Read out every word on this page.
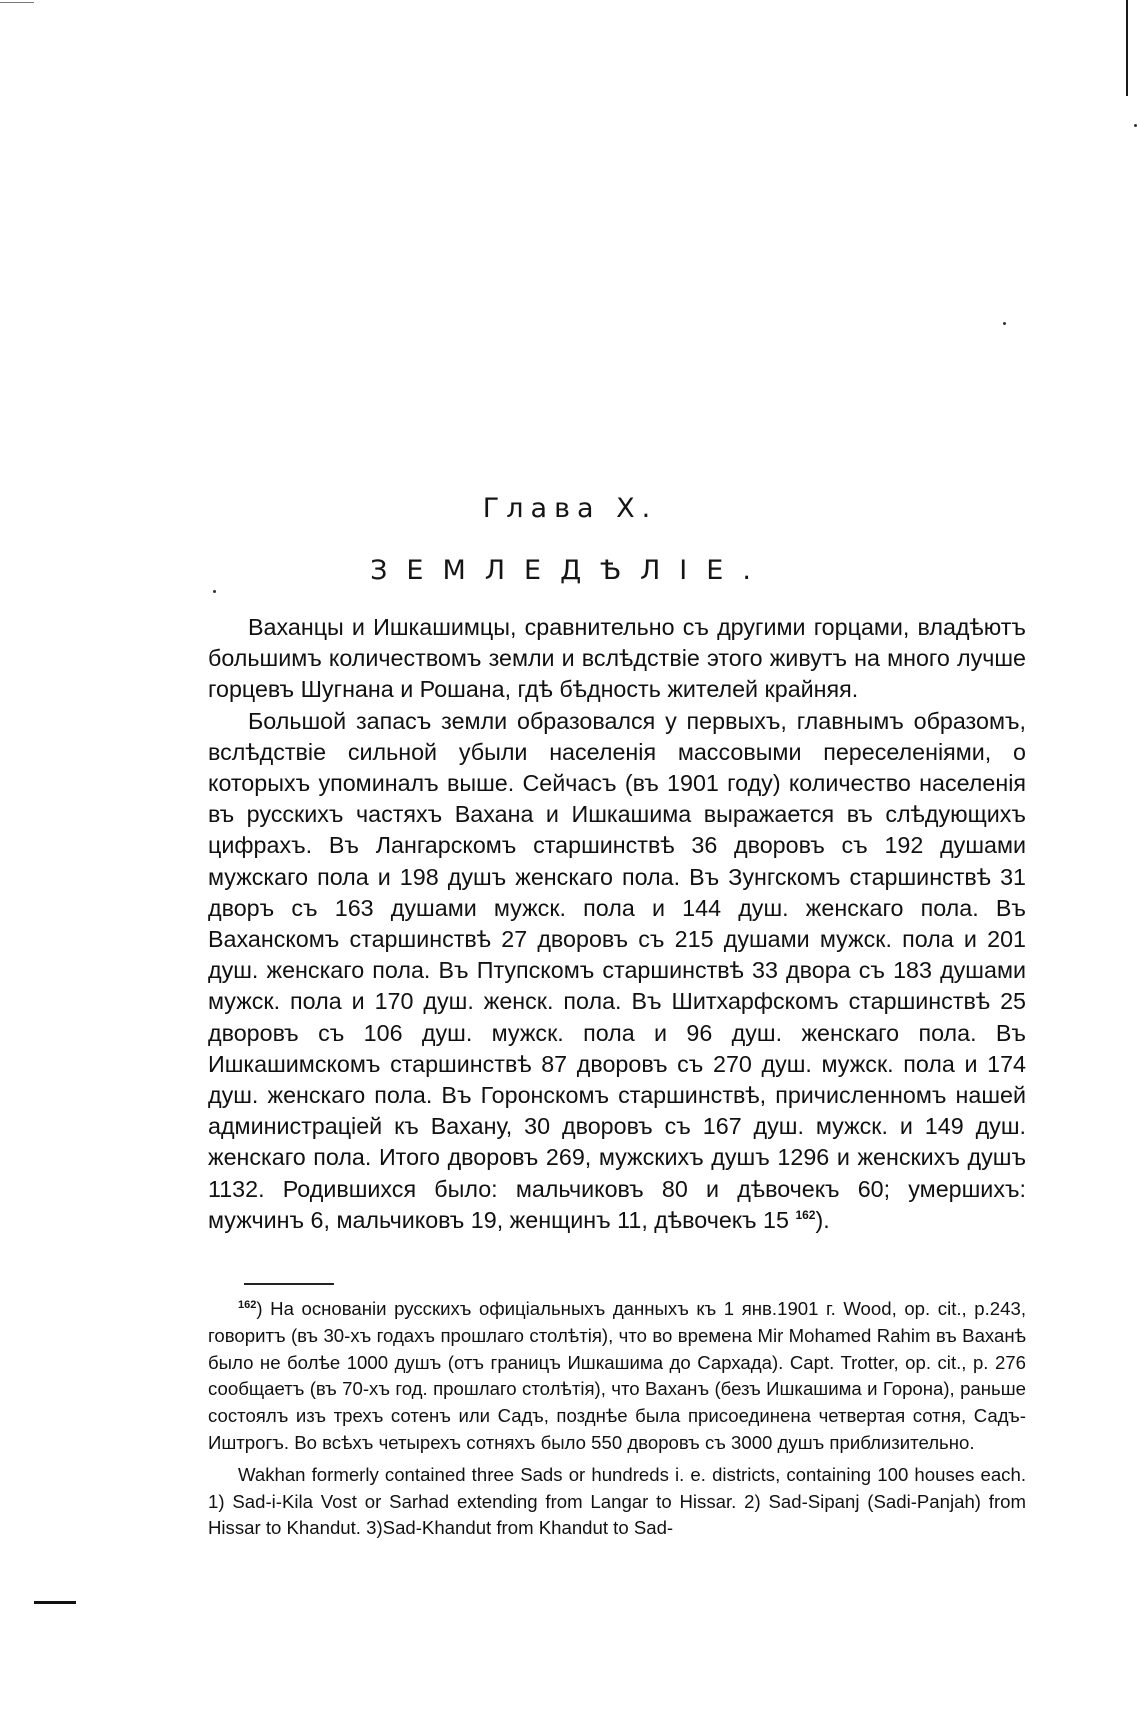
Глава Х.
ЗЕМЛЕДѢЛІЕ.

Ваханцы и Ишкашимцы, сравнительно съ другими горцами, владѣютъ большимъ количествомъ земли и вслѣдствіе этого живутъ на много лучше горцевъ Шугнана и Рошана, гдѣ бѣдность жителей крайняя.

Большой запасъ земли образовался у первыхъ, главнымъ образомъ, вслѣдствіе сильной убыли населенія массовыми переселеніями, о которыхъ упоминалъ выше. Сейчасъ (въ 1901 году) количество населенія въ русскихъ частяхъ Вахана и Ишкашима выражается въ слѣдующихъ цифрахъ. Въ Лангарскомъ старшинствѣ 36 дворовъ съ 192 душами мужскаго пола и 198 душъ женскаго пола. Въ Зунгскомъ старшинствѣ 31 дворъ съ 163 душами мужск. пола и 144 душ. женскаго пола. Въ Ваханскомъ старшинствѣ 27 дворовъ съ 215 душами мужск. пола и 201 душ. женскаго пола. Въ Птупскомъ старшинствѣ 33 двора съ 183 душами мужск. пола и 170 душ. женск. пола. Въ Шитхарфскомъ старшинствѣ 25 дворовъ съ 106 душ. мужск. пола и 96 душ. женскаго пола. Въ Ишкашимскомъ старшинствѣ 87 дворовъ съ 270 душ. мужск. пола и 174 душ. женскаго пола. Въ Горонскомъ старшинствѣ, причисленномъ нашей администраціей къ Вахану, 30 дворовъ съ 167 душ. мужск. и 149 душ. женскаго пола. Итого дворовъ 269, мужскихъ душъ 1296 и женскихъ душъ 1132. Родившихся было: мальчиковъ 80 и дѣвочекъ 60; умершихъ: мужчинъ 6, мальчиковъ 19, женщинъ 11, дѣвочекъ 15 $^{162}$).

$^{162}$) На основаніи русскихъ офиціальныхъ данныхъ къ 1 янв.1901 г. Wood, op. cit., p.243, говоритъ (въ 30-хъ годахъ прошлаго столѣтія), что во времена Mir Mohamed Rahim въ Ваханѣ было не болѣе 1000 душъ (отъ границъ Ишкашима до Сархада). Capt. Trotter, op. cit., p. 276 сообщаетъ (въ 70-хъ год. прошлаго столѣтія), что Ваханъ (безъ Ишкашима и Горона), раньше состоялъ изъ трехъ сотенъ или Садъ, позднѣе была присоединена четвертая сотня, Садъ-Иштрогъ. Во всѣхъ четырехъ сотняхъ было 550 дворовъ съ 3000 душъ приблизительно.

Wakhan formerly contained three Sads or hundreds i. e. districts, containing 100 houses each. 1) Sad-i-Kila Vost or Sarhad extending from Langar to Hissar. 2) Sad-Sipanj (Sadi-Panjah) from Hissar to Khandut. 3)Sad-Khandut from Khandut to Sad-
